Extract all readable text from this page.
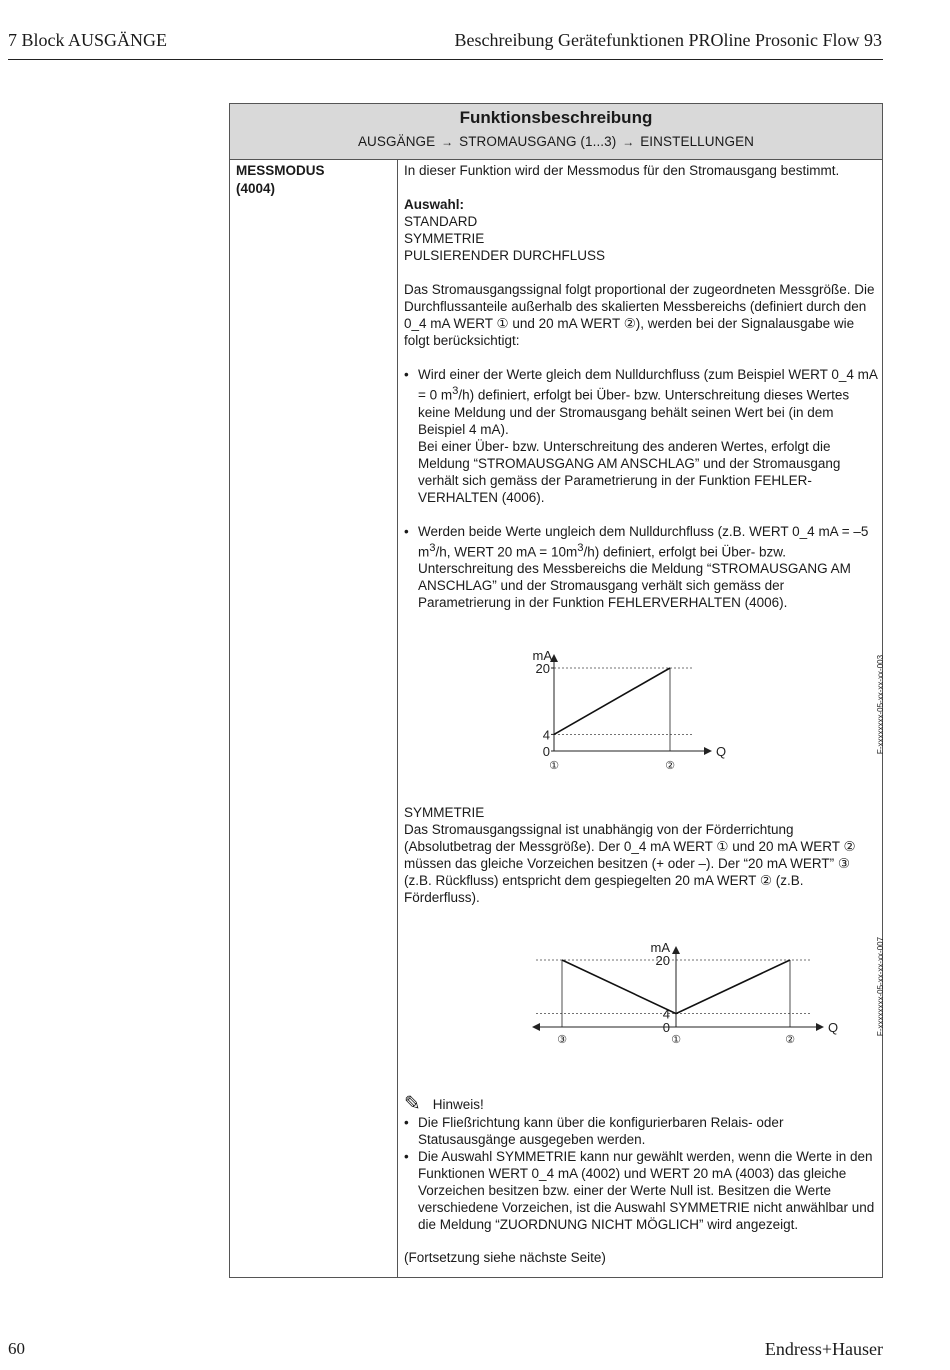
7 Block AUSGÄNGE	Beschreibung Gerätefunktionen PROline Prosonic Flow 93
Funktionsbeschreibung
AUSGÄNGE → STROMAUSGANG (1...3) → EINSTELLUNGEN
MESSMODUS
(4004)

In dieser Funktion wird der Messmodus für den Stromausgang bestimmt.

Auswahl:
STANDARD
SYMMETRIE
PULSIERENDER DURCHFLUSS

Das Stromausgangssignal folgt proportional der zugeordneten Messgröße. Die Durchflussanteile außerhalb des skalierten Messbereichs (definiert durch den 0_4 mA WERT ① und 20 mA WERT ②), werden bei der Signalausgabe wie folgt berücksichtigt:

• Wird einer der Werte gleich dem Nulldurchfluss (zum Beispiel WERT 0_4 mA = 0 $m^3/h$) definiert, erfolgt bei Über- bzw. Unterschreitung dieses Wertes keine Meldung und der Stromausgang behält seinen Wert bei (in dem Beispiel 4 mA).
Bei einer Über- bzw. Unterschreitung des anderen Wertes, erfolgt die Meldung “STROMAUSGANG AM ANSCHLAG” und der Stromausgang verhält sich gemäss der Parametrierung in der Funktion FEHLER-VERHALTEN (4006).
• Werden beide Werte ungleich dem Nulldurchfluss (z.B. WERT 0_4 mA = –5 $m^3/h$, WERT 20 mA = $10m^3/h$) definiert, erfolgt bei Über- bzw. Unterschreitung des Messbereichs die Meldung “STROMAUSGANG AM ANSCHLAG” und der Stromausgang verhält sich gemäss der Parametrierung in der Funktion FEHLERVERHALTEN (4006).
mA
Q
20
4
0
①	②
F-xxxxxxxx-05-xx-xx-xx-003

SYMMETRIE
Das Stromausgangssignal ist unabhängig von der Förderrichtung (Absolutbetrag der Messgröße). Der 0_4 mA WERT ① und 20 mA WERT ② müssen das gleiche Vorzeichen besitzen (+ oder –). Der “20 mA WERT” ③ (z.B. Rückfluss) entspricht dem gespiegelten 20 mA WERT ② (z.B. Förderfluss).

mA
Q
20
4
0
③	①	②
F-xxxxxxxx-05-xx-xx-xx-007
✎ Hinweis!
• Die Fließrichtung kann über die konfigurierbaren Relais- oder Statusausgänge ausgegeben werden.
• Die Auswahl SYMMETRIE kann nur gewählt werden, wenn die Werte in den Funktionen WERT 0_4 mA (4002) und WERT 20 mA (4003) das gleiche Vorzeichen besitzen bzw. einer der Werte Null ist. Besitzen die Werte verschiedene Vorzeichen, ist die Auswahl SYMMETRIE nicht anwählbar und die Meldung “ZUORDNUNG NICHT MÖGLICH” wird angezeigt.
(Fortsetzung siehe nächste Seite)
60	Endress+Hauser
